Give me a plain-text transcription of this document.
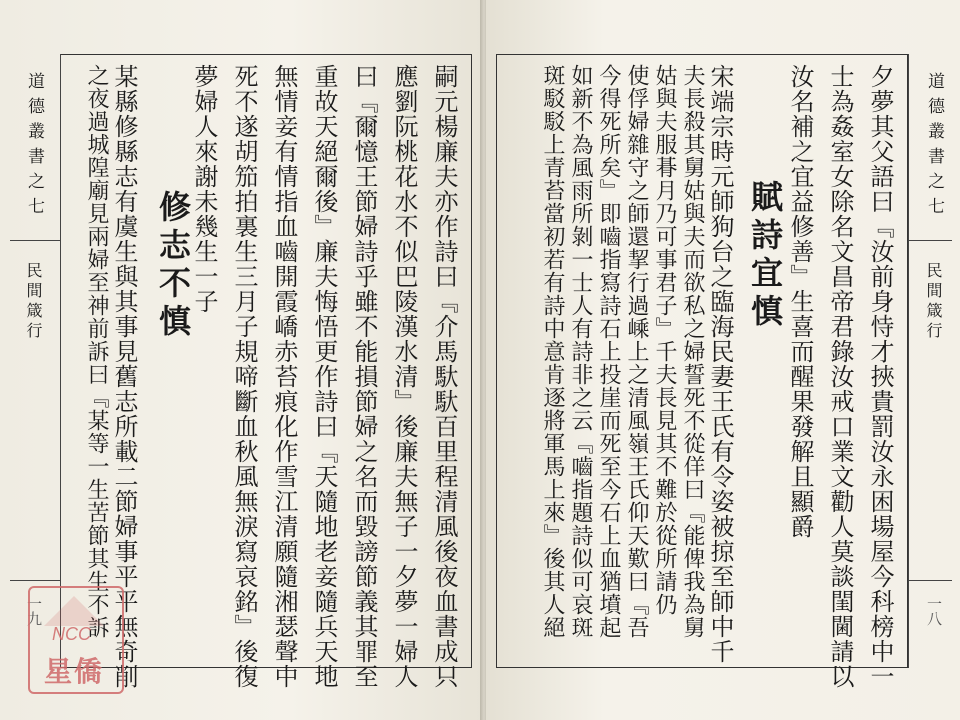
道德叢書之七
民間箴行
一九	嗣元楊廉夫亦作詩曰『介馬馱馱百里程清風後夜血書成只
應劉阮桃花水不似巴陵漢水清』後廉夫無子一夕夢一婦人
曰『爾憶王節婦詩乎雖不能損節婦之名而毀謗節義其罪至
重故天絕爾後』廉夫悔悟更作詩曰『天隨地老妾隨兵天地
無情妾有情指血嚙開霞嶠赤苔痕化作雪江清願隨湘瑟聲中
死不遂胡笳拍裏生三月子規啼斷血秋風無淚寫哀銘』後復
夢婦人來謝未幾生一子
修志不慎
某縣修縣志有虞生與其事見舊志所載二節婦事平平無奇削
之夜過城隍廟見兩婦至神前訴曰『某等一生苦節其生不訴	道德叢書之七
民間箴行
一八
夕夢其父語曰『汝前身恃才挾貴罰汝永困場屋今科榜中一
士為姦室女除名文昌帝君錄汝戒口業文勸人莫談閨閫請以
汝名補之宜益修善』生喜而醒果發解且顯爵
賦詩宜慎
宋端宗時元師狗台之臨海民妻王氏有令姿被掠至師中千
夫長殺其舅姑與夫而欲私之婦誓死不從佯曰『能俾我為舅
姑與夫服朞月乃可事君子』千夫長見其不難於從所請仍
使俘婦雜守之師還挈行過嵊上之清風嶺王氏仰天歎曰『吾
今得死所矣』即嚙指寫詩石上投崖而死至今石上血猶墳起
如新不為風雨所剝一士人有詩非之云『嚙指題詩似可哀斑
斑駁駁上青苔當初若有詩中意肯逐將軍馬上來』後其人絕
NCC
星僑
